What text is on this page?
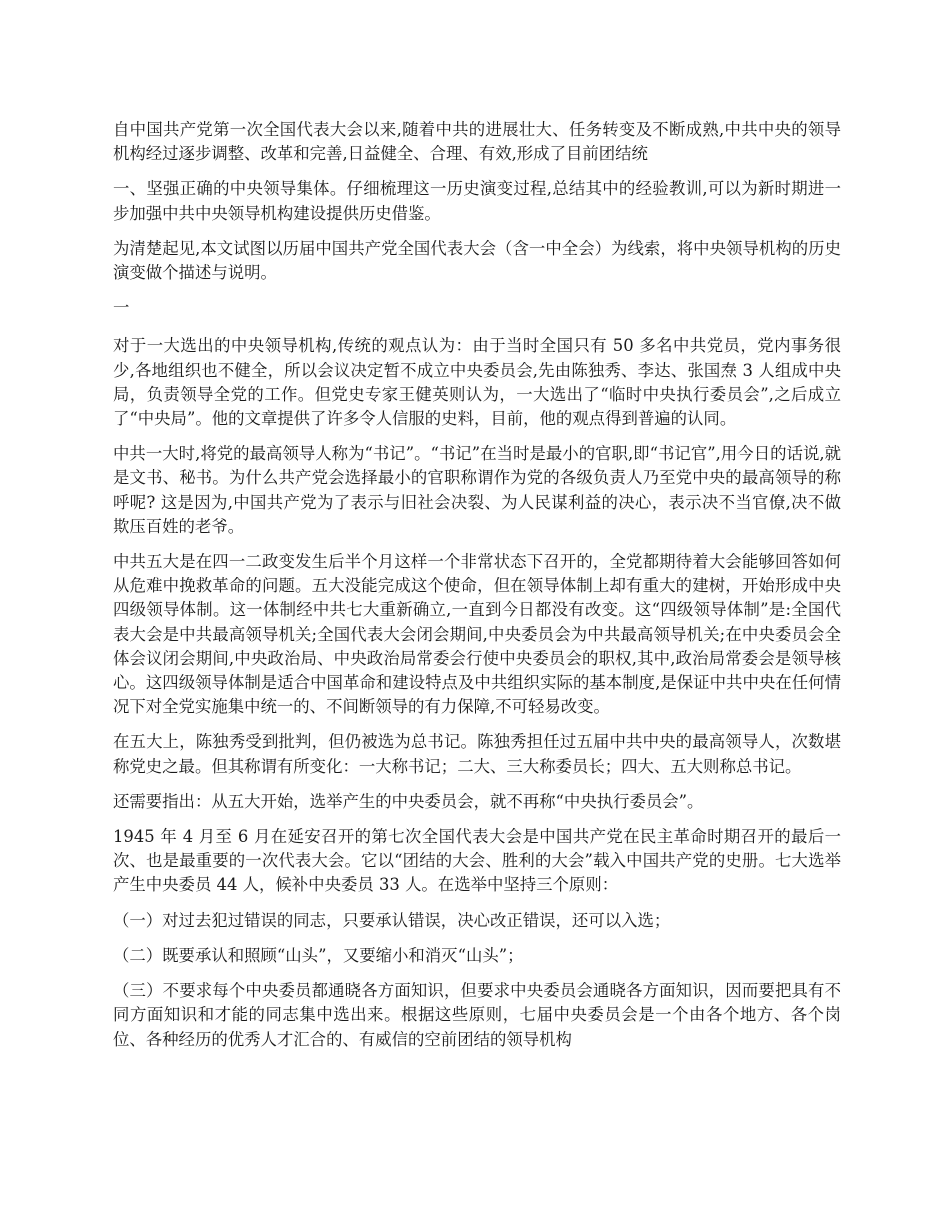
自中国共产党第一次全国代表大会以来,随着中共的进展壮大、任务转变及不断成熟,中共中央的领导机构经过逐步调整、改革和完善,日益健全、合理、有效,形成了目前团结统

一、坚强正确的中央领导集体。仔细梳理这一历史演变过程,总结其中的经验教训,可以为新时期进一步加强中共中央领导机构建设提供历史借鉴。

为清楚起见,本文试图以历届中国共产党全国代表大会（含一中全会）为线索，将中央领导机构的历史演变做个描述与说明。

一

对于一大选出的中央领导机构,传统的观点认为：由于当时全国只有 50 多名中共党员，党内事务很少,各地组织也不健全，所以会议决定暂不成立中央委员会,先由陈独秀、李达、张国焘 3 人组成中央局，负责领导全党的工作。但党史专家王健英则认为，一大选出了“临时中央执行委员会”,之后成立了“中央局”。他的文章提供了许多令人信服的史料，目前，他的观点得到普遍的认同。

中共一大时,将党的最高领导人称为“书记”。“书记”在当时是最小的官职,即“书记官”,用今日的话说,就是文书、秘书。为什么共产党会选择最小的官职称谓作为党的各级负责人乃至党中央的最高领导的称呼呢? 这是因为,中国共产党为了表示与旧社会决裂、为人民谋利益的决心，表示决不当官僚,决不做欺压百姓的老爷。

中共五大是在四一二政变发生后半个月这样一个非常状态下召开的，全党都期待着大会能够回答如何从危难中挽救革命的问题。五大没能完成这个使命，但在领导体制上却有重大的建树，开始形成中央四级领导体制。这一体制经中共七大重新确立,一直到今日都没有改变。这“四级领导体制”是:全国代表大会是中共最高领导机关;全国代表大会闭会期间,中央委员会为中共最高领导机关;在中央委员会全体会议闭会期间,中央政治局、中央政治局常委会行使中央委员会的职权,其中,政治局常委会是领导核心。这四级领导体制是适合中国革命和建设特点及中共组织实际的基本制度,是保证中共中央在任何情况下对全党实施集中统一的、不间断领导的有力保障,不可轻易改变。

在五大上，陈独秀受到批判，但仍被选为总书记。陈独秀担任过五届中共中央的最高领导人，次数堪称党史之最。但其称谓有所变化：一大称书记；二大、三大称委员长；四大、五大则称总书记。

还需要指出：从五大开始，选举产生的中央委员会，就不再称“中央执行委员会”。

1945 年 4 月至 6 月在延安召开的第七次全国代表大会是中国共产党在民主革命时期召开的最后一次、也是最重要的一次代表大会。它以“团结的大会、胜利的大会”载入中国共产党的史册。七大选举产生中央委员 44 人，候补中央委员 33 人。在选举中坚持三个原则：

（一）对过去犯过错误的同志，只要承认错误，决心改正错误，还可以入选；

（二）既要承认和照顾“山头”，又要缩小和消灭“山头”；

（三）不要求每个中央委员都通晓各方面知识，但要求中央委员会通晓各方面知识，因而要把具有不同方面知识和才能的同志集中选出来。根据这些原则，七届中央委员会是一个由各个地方、各个岗位、各种经历的优秀人才汇合的、有威信的空前团结的领导机构
